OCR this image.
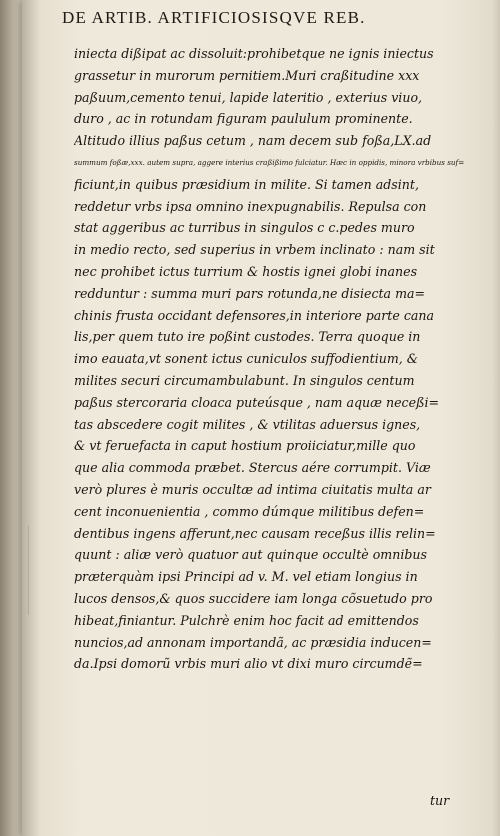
DE ARTIB. ARTIFICIOSISQVE REB.
iniecta dißipat ac dissoluit:prohibetque ne ignis iniectus
grassetur in murorum pernitiem.Muri craßitudine xxx
paßuum,cemento tenui, lapide lateritio , exterius viuo,
duro , ac in rotundam figuram paululum prominente.
Altitudo illius paßus cetum , nam decem sub foßa,LX.ad
summum foßæ,xxx. autem supra, aggere interius craßißimo fulciatur. Hæc in oppidis, minora vrbibus suf=
ficiunt,in quibus præsidium in milite. Si tamen adsint,
reddetur vrbs ipsa omnino inexpugnabilis. Repulsa con
stat aggeribus ac turribus in singulos c c.pedes muro
in medio recto, sed superius in vrbem inclinato : nam sit
nec prohibet ictus turrium & hostis ignei globi inanes
redduntur : summa muri pars rotunda,ne disiecta ma=
chinis frusta occidant defensores,in interiore parte cana
lis,per quem tuto ire poßint custodes. Terra quoque in
imo eauata,vt sonent ictus cuniculos suffodientium, &
milites securi circumambulabunt. In singulos centum
paßus stercoraria cloaca puteúsque , nam aquæ neceßi=
tas abscedere cogit milites , & vtilitas aduersus ignes,
& vt feruefacta in caput hostium proiiciatur,mille quo
que alia commoda præbet. Stercus aére corrumpit. Viæ
verò plures è muris occultæ ad intima ciuitatis multa ar
cent inconuenientia , commo dúmque militibus defen=
dentibus ingens afferunt,nec causam receßus illis relin=
quunt : aliæ verò quatuor aut quinque occultè omnibus
præterquàm ipsi Principi ad v. M. vel etiam longius in
lucos densos,& quos succidere iam longa cõsuetudo pro
hibeat,finiantur. Pulchrè enim hoc facit ad emittendos
nuncios,ad annonam importandã, ac præsidia inducen=
da.Ipsi domorũ vrbis muri alio vt dixi muro circumdẽ=
tur
